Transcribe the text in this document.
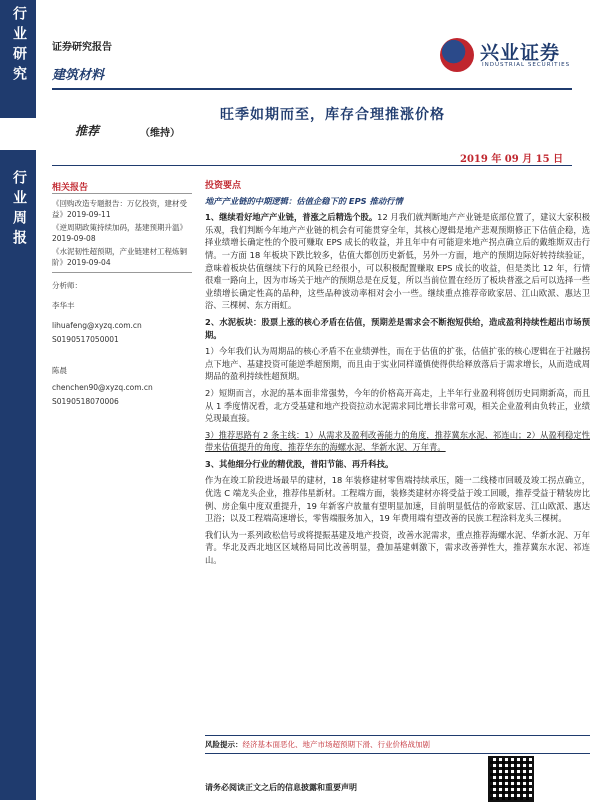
行业研究
行业周报
证券研究报告
建筑材料
兴业证券
INDUSTRIAL SECURITIES
旺季如期而至，库存合理推涨价格
推荐	（维持）
2019 年 09 月 15 日
相关报告
《回购改造专题报告：万亿投资，建材受益》2019-09-11
《逆周期政策持续加码，基建预期升温》2019-09-08
《水泥韧性超预期，产业链建材工程炼铜阶》2019-09-04
分析师：
李华丰
lihuafeng@xyzq.com.cn
S0190517050001
陈晨
chenchen90@xyzq.com.cn
S0190518070006

投资要点

地产产业链的中期逻辑：估值企稳下的 EPS 推动行情

1、继续看好地产产业链，普涨之后精选个股。12 月我们就判断地产产业链是底部位置了，建议大家积极乐观，我们判断今年地产产业链的机会有可能贯穿全年，其核心逻辑是地产悲观预期修正下估值企稳，选择业绩增长确定性的个股可赚取 EPS 成长的收益，并且年中有可能迎来地产拐点确立后的戴维斯双击行情。一方面 18 年板块下跌比较多，估值大都创历史新低，另外一方面，地产的预期边际好转持续验证，意味着板块估值继续下行的风险已经很小，可以积极配置赚取 EPS 成长的收益，但是类比 12 年，行情很难一路向上，因为市场关于地产的预期总是在反复，所以当前位置在经历了板块普涨之后可以选择一些业绩增长确定性高的品种，这些品种波动率相对会小一些。继续重点推荐帝欧家居、江山欧派、惠达卫浴、三棵树、东方雨虹。

2、水泥板块：股票上涨的核心矛盾在估值，预期差是需求会不断抱短供给，造成盈利持续性超出市场预期。

1）今年我们认为周期品的核心矛盾不在业绩弹性，而在于估值的扩张，估值扩张的核心逻辑在于社融拐点下地产、基建投资可能逆季超预期，而且由于实业同样谨慎使得供给释放落后于需求增长，从而造成周期品的盈利持续性超预期。

2）短期而言，水泥的基本面非常强势，今年的价格高开高走，上半年行业盈利将创历史同期新高，而且从 1 季度情况看，北方受基建和地产投资拉动水泥需求同比增长非常可观，相关企业盈利由负转正，业绩兑现最直接。

3）推荐思路有 2 条主线：1）从需求及盈利改善能力的角度，推荐冀东水泥、祁连山；2）从盈利稳定性带来估值提升的角度，推荐华东的海螺水泥、华新水泥、万年青。

3、其他细分行业的精优股，普阳节能、再升科技。

作为在竣工阶段进场最早的建材，18 年装修建材零售端持续承压，随一二线楼市回暖及竣工拐点确立，优选 C 端龙头企业，推荐伟星新材。工程端方面，装修类建材亦将受益于竣工回暖，推荐受益于精装房比例、房企集中度双重提升，19 年新客户放量有望明显加速，目前明显低估的帝欧家居、江山欧派、惠达卫浴；以及工程端高速增长，零售端服务加入，19 年费用端有望改善的民族工程涂料龙头三棵树。

我们认为一系列政松信号或将提振基建及地产投资，改善水泥需求，重点推荐海螺水泥、华新水泥、万年青。华北及西北地区区域格局同比改善明显，叠加基建刺激下，需求改善弹性大，推荐冀东水泥、祁连山。

风险提示：经济基本面恶化、地产市场超预期下滑、行业价格战加剧
请务必阅读正文之后的信息披露和重要声明
